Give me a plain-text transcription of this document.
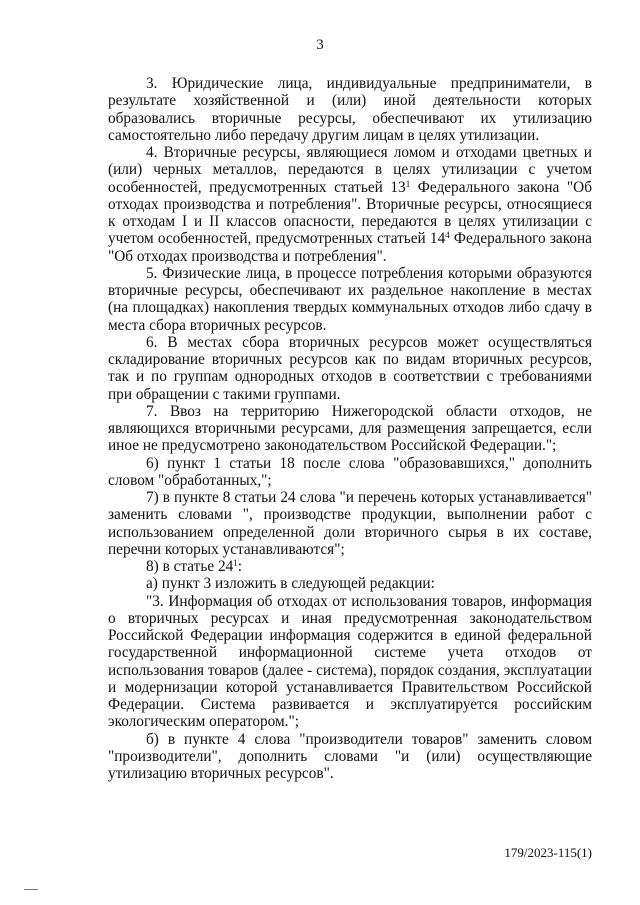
3

3. Юридические лица, индивидуальные предприниматели, в результате хозяйственной и (или) иной деятельности которых образовались вторичные ресурсы, обеспечивают их утилизацию самостоятельно либо передачу другим лицам в целях утилизации.

4. Вторичные ресурсы, являющиеся ломом и отходами цветных и (или) черных металлов, передаются в целях утилизации с учетом особенностей, предусмотренных статьей $13^1$ Федерального закона "Об отходах производства и потребления". Вторичные ресурсы, относящиеся к отходам I и II классов опасности, передаются в целях утилизации с учетом особенностей, предусмотренных статьей $14^4$ Федерального закона "Об отходах производства и потребления".

5. Физические лица, в процессе потребления которыми образуются вторичные ресурсы, обеспечивают их раздельное накопление в местах (на площадках) накопления твердых коммунальных отходов либо сдачу в места сбора вторичных ресурсов.

6. В местах сбора вторичных ресурсов может осуществляться складирование вторичных ресурсов как по видам вторичных ресурсов, так и по группам однородных отходов в соответствии с требованиями при обращении с такими группами.

7. Ввоз на территорию Нижегородской области отходов, не являющихся вторичными ресурсами, для размещения запрещается, если иное не предусмотрено законодательством Российской Федерации.";

6) пункт 1 статьи 18 после слова "образовавшихся," дополнить словом "обработанных,";

7) в пункте 8 статьи 24 слова "и перечень которых устанавливается" заменить словами ", производстве продукции, выполнении работ с использованием определенной доли вторичного сырья в их составе, перечни которых устанавливаются";

8) в статье $24^1$:

а) пункт 3 изложить в следующей редакции:

"3. Информация об отходах от использования товаров, информация о вторичных ресурсах и иная предусмотренная законодательством Российской Федерации информация содержится в единой федеральной государственной информационной системе учета отходов от использования товаров (далее - система), порядок создания, эксплуатации и модернизации которой устанавливается Правительством Российской Федерации. Система развивается и эксплуатируется российским экологическим оператором.";

б) в пункте 4 слова "производители товаров" заменить словом "производители", дополнить словами "и (или) осуществляющие утилизацию вторичных ресурсов".

179/2023-115(1)
